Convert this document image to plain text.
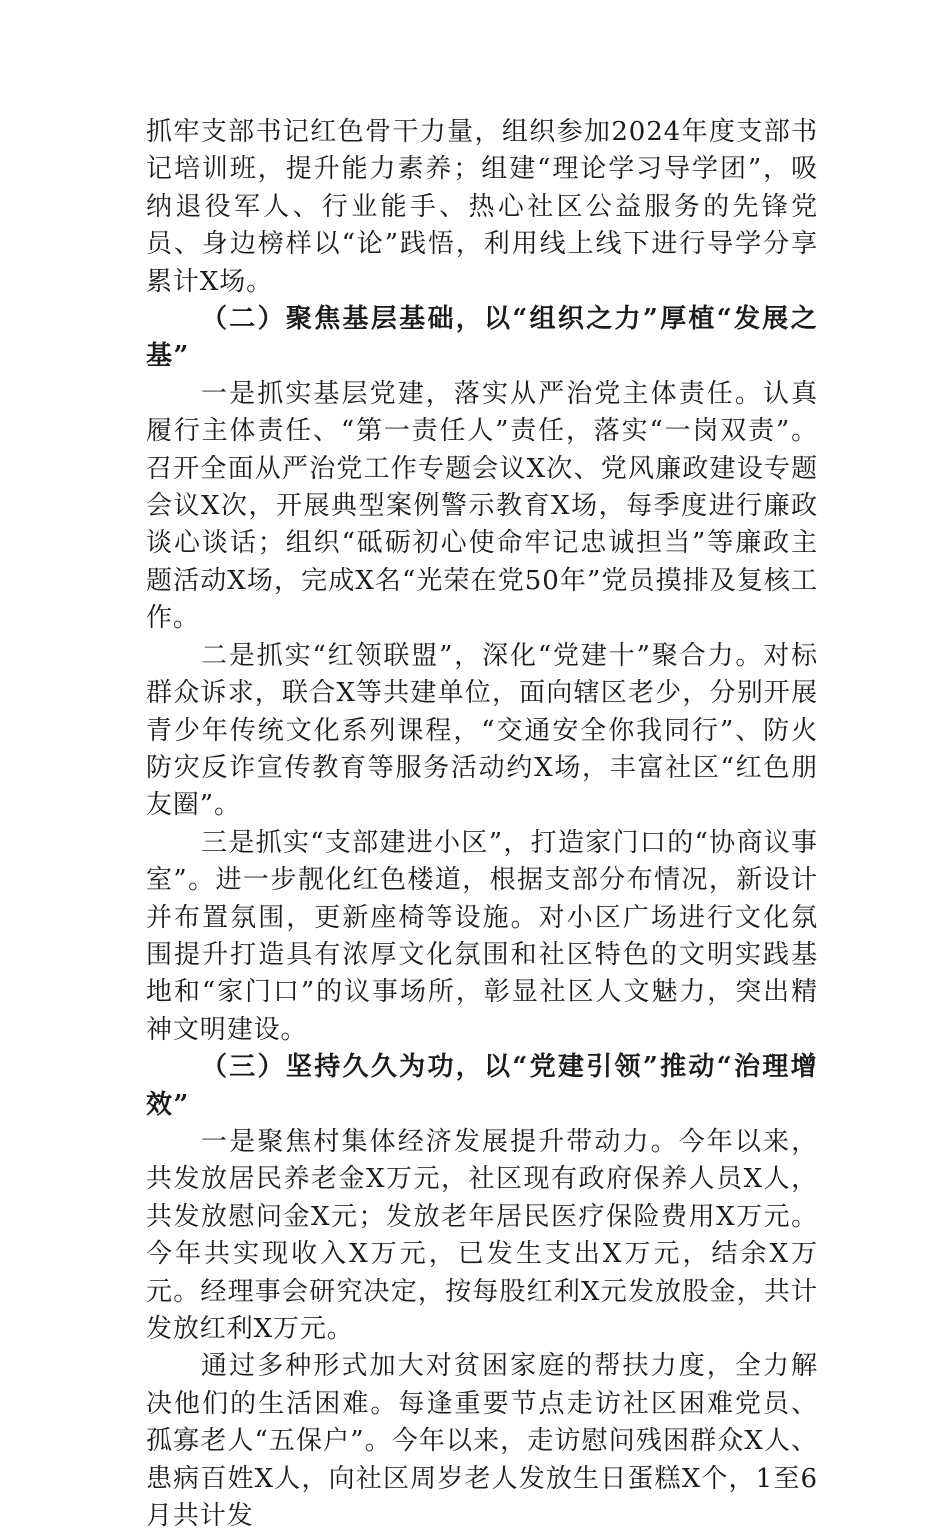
抓牢支部书记红色骨干力量，组织参加2024年度支部书记培训班，提升能力素养；组建“理论学习导学团”，吸纳退役军人、行业能手、热心社区公益服务的先锋党员、身边榜样以“论”践悟，利用线上线下进行导学分享累计X场。

（二）聚焦基层基础，以“组织之力”厚植“发展之基”

一是抓实基层党建，落实从严治党主体责任。认真履行主体责任、“第一责任人”责任，落实“一岗双责”。召开全面从严治党工作专题会议X次、党风廉政建设专题会议X次，开展典型案例警示教育X场，每季度进行廉政谈心谈话；组织“砥砺初心使命牢记忠诚担当”等廉政主题活动X场，完成X名“光荣在党50年”党员摸排及复核工作。

二是抓实“红领联盟”，深化“党建十”聚合力。对标群众诉求，联合X等共建单位，面向辖区老少，分别开展青少年传统文化系列课程，“交通安全你我同行”、防火防灾反诈宣传教育等服务活动约X场，丰富社区“红色朋友圈”。

三是抓实“支部建进小区”，打造家门口的“协商议事室”。进一步靓化红色楼道，根据支部分布情况，新设计并布置氛围，更新座椅等设施。对小区广场进行文化氛围提升打造具有浓厚文化氛围和社区特色的文明实践基地和“家门口”的议事场所，彰显社区人文魅力，突出精神文明建设。

（三）坚持久久为功，以“党建引领”推动“治理增效”

一是聚焦村集体经济发展提升带动力。今年以来，共发放居民养老金X万元，社区现有政府保养人员X人，共发放慰问金X元；发放老年居民医疗保险费用X万元。今年共实现收入X万元，已发生支出X万元，结余X万元。经理事会研究决定，按每股红利X元发放股金，共计发放红利X万元。

通过多种形式加大对贫困家庭的帮扶力度，全力解决他们的生活困难。每逢重要节点走访社区困难党员、孤寡老人“五保户”。今年以来，走访慰问残困群众X人、患病百姓X人，向社区周岁老人发放生日蛋糕X个，1至6月共计发
